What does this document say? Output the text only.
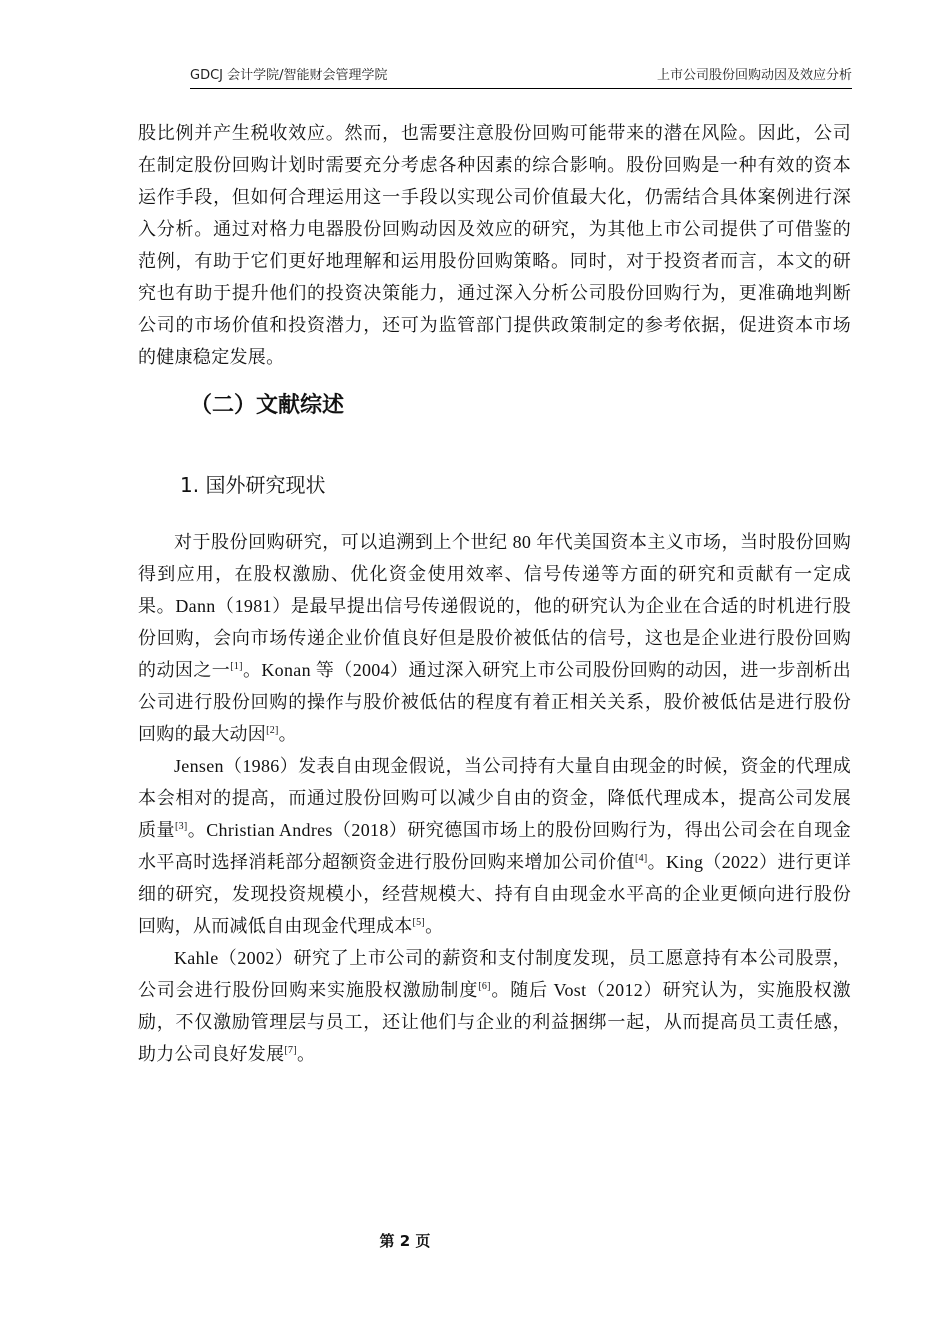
GDCJ 会计学院/智能财会管理学院	上市公司股份回购动因及效应分析

股比例并产生税收效应。然而，也需要注意股份回购可能带来的潜在风险。因此，公司在制定股份回购计划时需要充分考虑各种因素的综合影响。股份回购是一种有效的资本运作手段，但如何合理运用这一手段以实现公司价值最大化，仍需结合具体案例进行深入分析。通过对格力电器股份回购动因及效应的研究，为其他上市公司提供了可借鉴的范例，有助于它们更好地理解和运用股份回购策略。同时，对于投资者而言，本文的研究也有助于提升他们的投资决策能力，通过深入分析公司股份回购行为，更准确地判断公司的市场价值和投资潜力，还可为监管部门提供政策制定的参考依据，促进资本市场的健康稳定发展。

（二）文献综述
1. 国外研究现状

对于股份回购研究，可以追溯到上个世纪 80 年代美国资本主义市场，当时股份回购得到应用，在股权激励、优化资金使用效率、信号传递等方面的研究和贡献有一定成果。Dann（1981）是最早提出信号传递假说的，他的研究认为企业在合适的时机进行股份回购，会向市场传递企业价值良好但是股价被低估的信号，这也是企业进行股份回购的动因之一[1]。Konan 等（2004）通过深入研究上市公司股份回购的动因，进一步剖析出公司进行股份回购的操作与股价被低估的程度有着正相关关系，股价被低估是进行股份回购的最大动因[2]。

Jensen（1986）发表自由现金假说，当公司持有大量自由现金的时候，资金的代理成本会相对的提高，而通过股份回购可以减少自由的资金，降低代理成本，提高公司发展质量[3]。Christian Andres（2018）研究德国市场上的股份回购行为，得出公司会在自现金水平高时选择消耗部分超额资金进行股份回购来增加公司价值[4]。King（2022）进行更详细的研究，发现投资规模小，经营规模大、持有自由现金水平高的企业更倾向进行股份回购，从而减低自由现金代理成本[5]。

Kahle（2002）研究了上市公司的薪资和支付制度发现，员工愿意持有本公司股票，公司会进行股份回购来实施股权激励制度[6]。随后 Vost（2012）研究认为，实施股权激励，不仅激励管理层与员工，还让他们与企业的利益捆绑一起，从而提高员工责任感，助力公司良好发展[7]。

第 2 页
